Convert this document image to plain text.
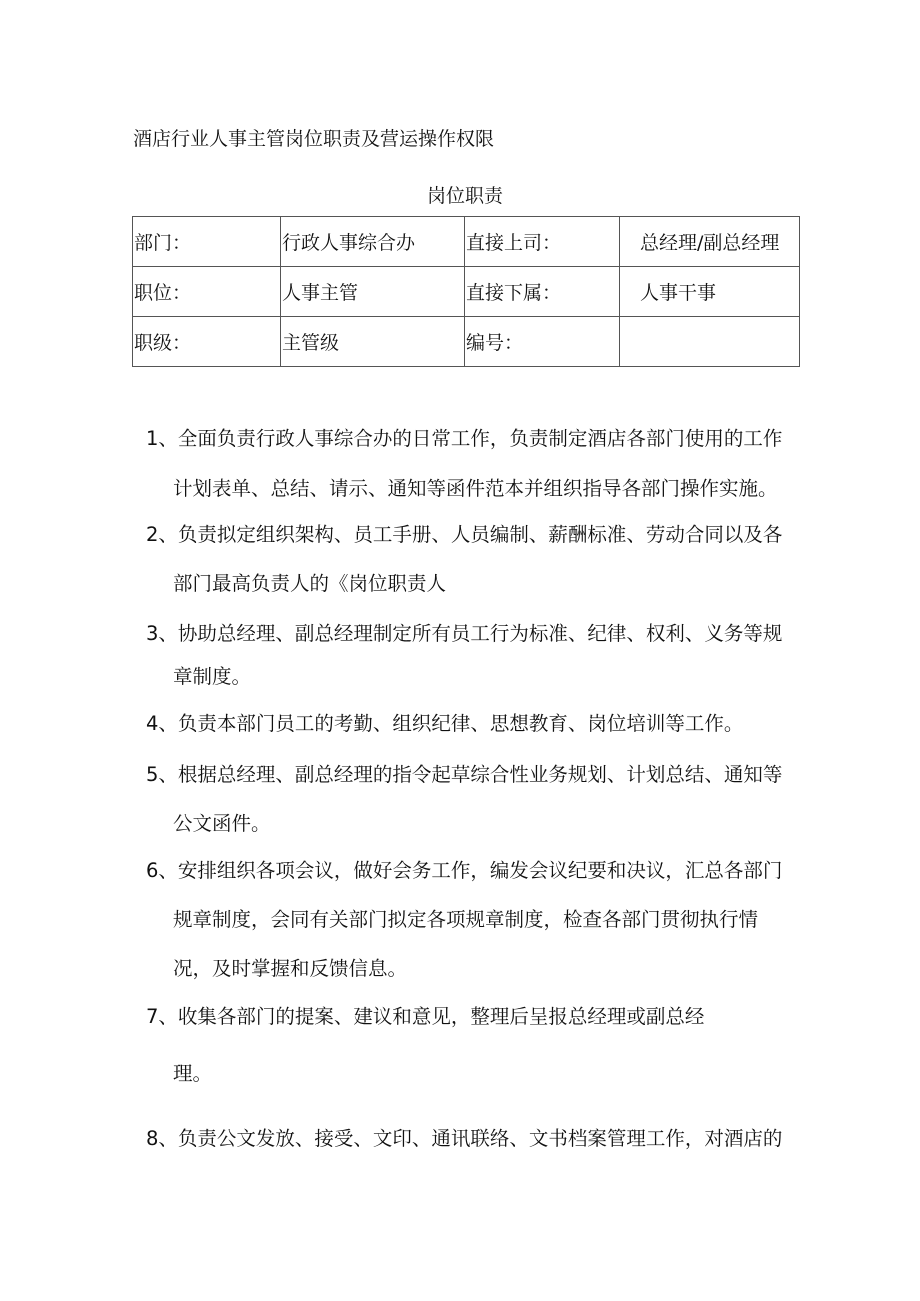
酒店行业人事主管岗位职责及营运操作权限
岗位职责
部门：	行政人事综合办	直接上司：	总经理/副总经理
职位：	人事主管	直接下属：	人事干事
职级：	主管级	编号：	
1、全面负责行政人事综合办的日常工作，负责制定酒店各部门使用的工作
计划表单、总结、请示、通知等函件范本并组织指导各部门操作实施。
2、负责拟定组织架构、员工手册、人员编制、薪酬标准、劳动合同以及各
部门最高负责人的《岗位职责人
3、协助总经理、副总经理制定所有员工行为标准、纪律、权利、义务等规
章制度。
4、负责本部门员工的考勤、组织纪律、思想教育、岗位培训等工作。
5、根据总经理、副总经理的指令起草综合性业务规划、计划总结、通知等
公文函件。
6、安排组织各项会议，做好会务工作，编发会议纪要和决议，汇总各部门
规章制度，会同有关部门拟定各项规章制度，检查各部门贯彻执行情
况，及时掌握和反馈信息。
7、收集各部门的提案、建议和意见，整理后呈报总经理或副总经
理。
8、负责公文发放、接受、文印、通讯联络、文书档案管理工作，对酒店的
